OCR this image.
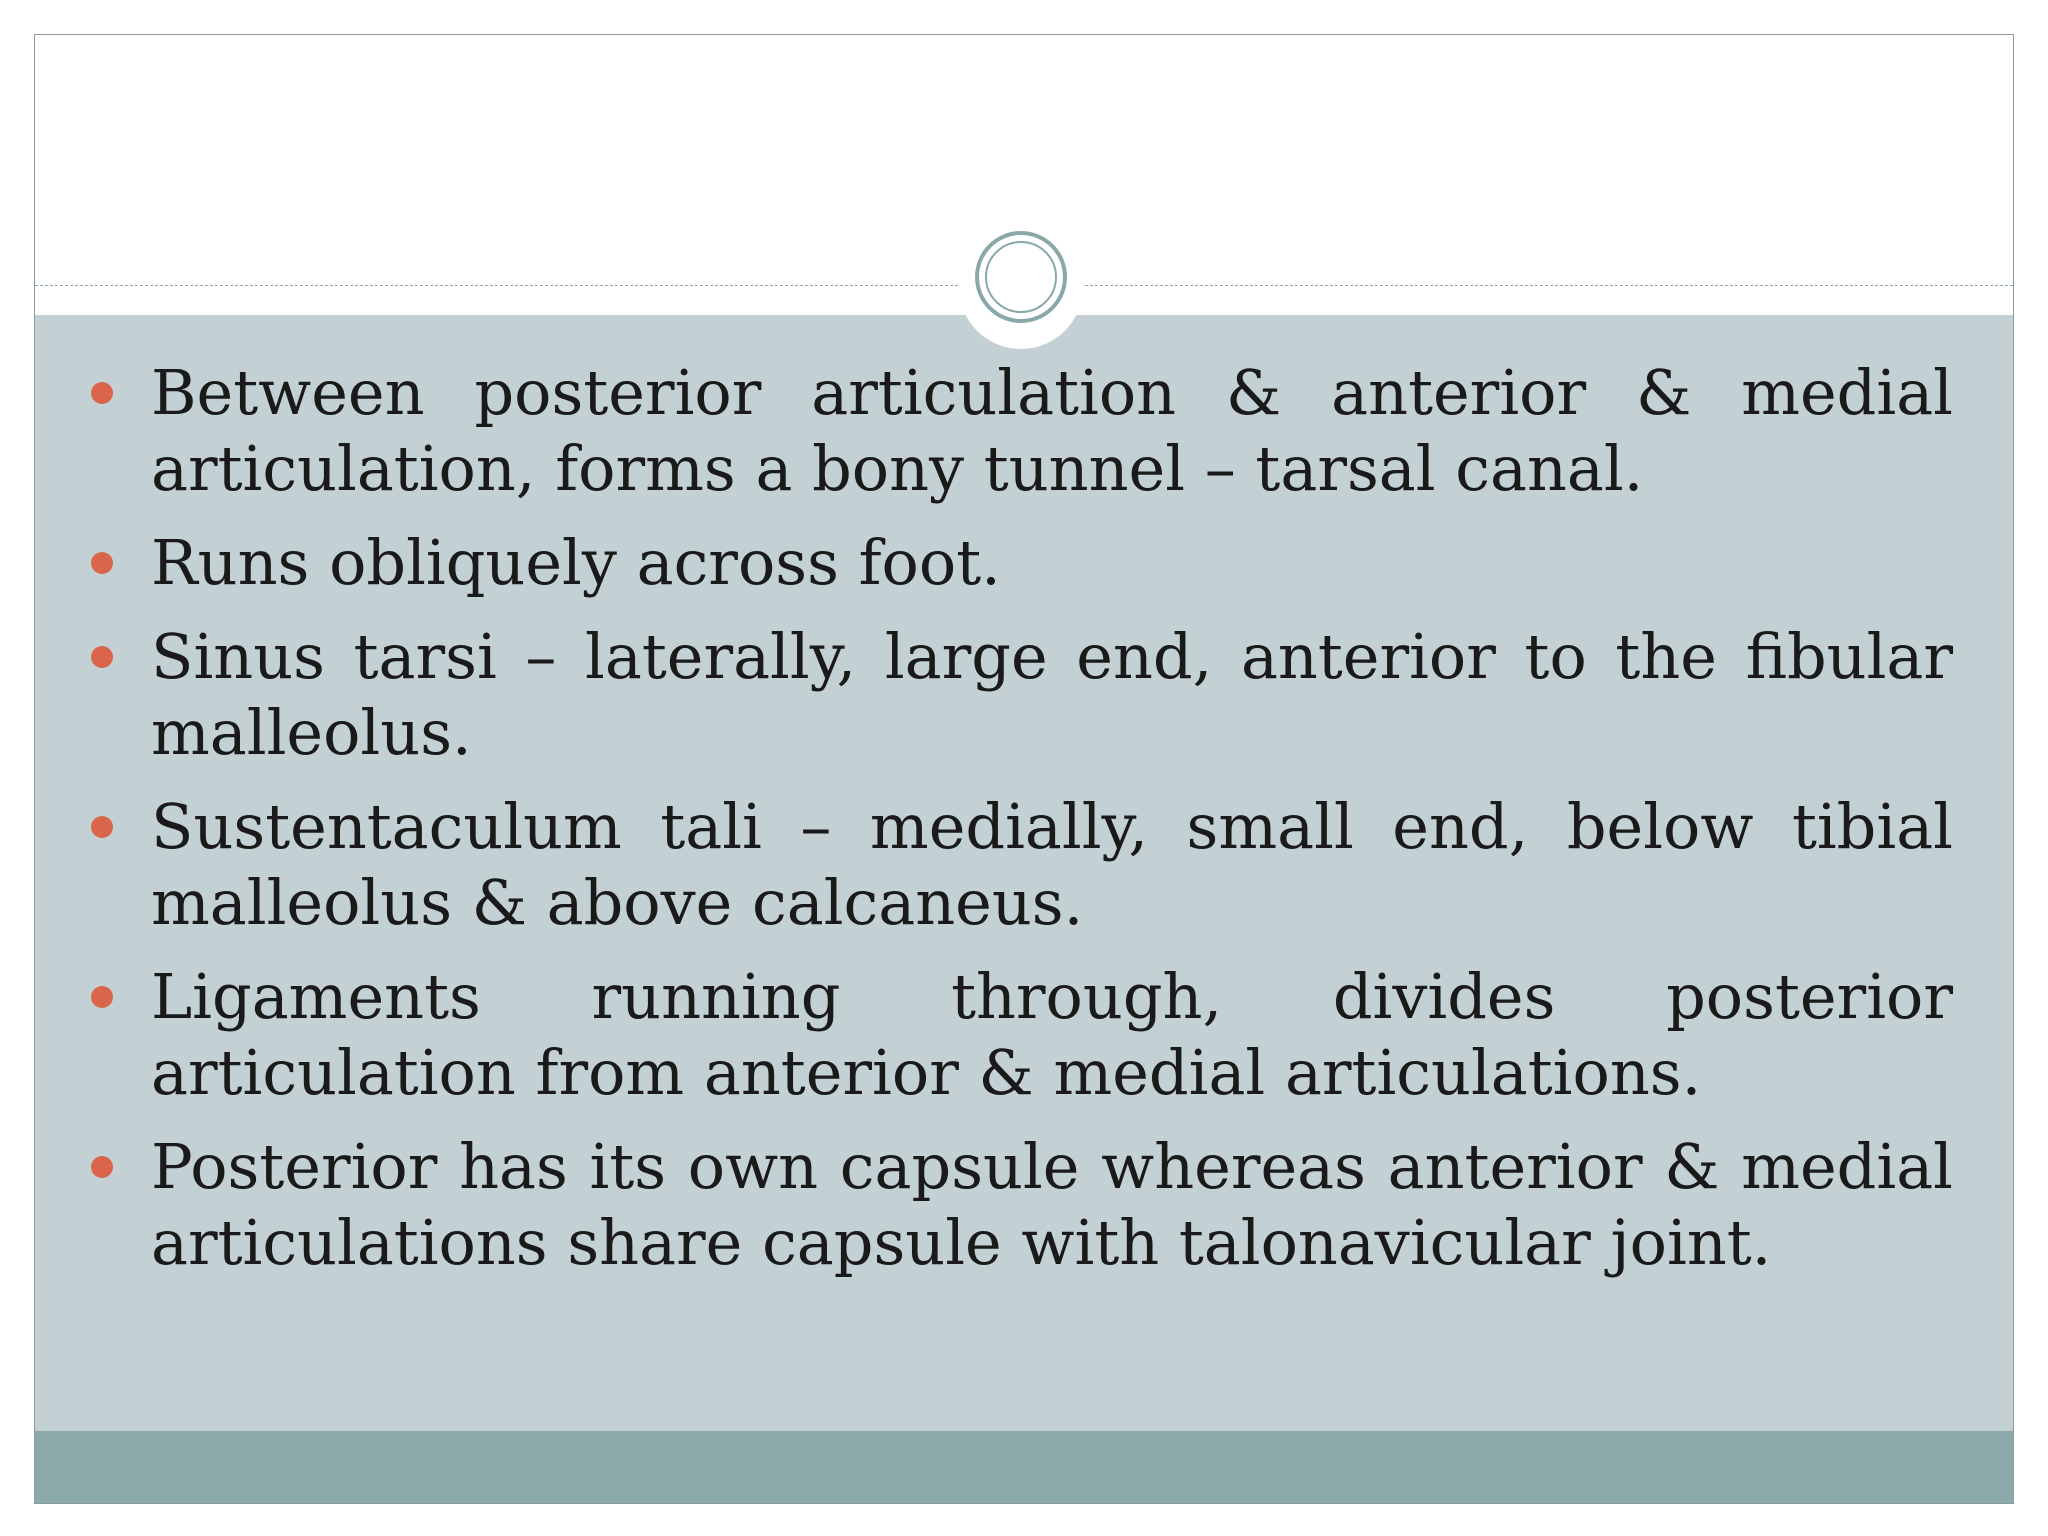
Between posterior articulation & anterior & medial articulation, forms a bony tunnel – tarsal canal.
Runs obliquely across foot.
Sinus tarsi – laterally, large end, anterior to the fibular malleolus.
Sustentaculum tali – medially, small end, below tibial malleolus & above calcaneus.
Ligaments running through, divides posterior articulation from anterior & medial articulations.
Posterior has its own capsule whereas anterior & medial articulations share capsule with talonavicular joint.
